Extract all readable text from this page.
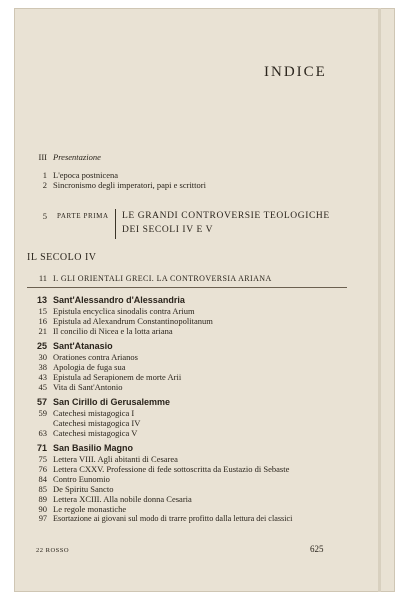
INDICE
III Presentazione
1 L'epoca postnicena
2 Sincronismo degli imperatori, papi e scrittori
5 PARTE PRIMA LE GRANDI CONTROVERSIE TEOLOGICHE
DEI SECOLI IV E V
IL SECOLO IV
11 I. GLI ORIENTALI GRECI. LA CONTROVERSIA ARIANA
13 Sant'Alessandro d'Alessandria
15 Epistula encyclica sinodalis contra Arium
16 Epistula ad Alexandrum Constantinopolitanum
21 Il concilio di Nicea e la lotta ariana
25 Sant'Atanasio
30 Orationes contra Arianos
38 Apologia de fuga sua
43 Epistula ad Serapionem de morte Arii
45 Vita di Sant'Antonio
57 San Cirillo di Gerusalemme
59 Catechesi mistagogica I
Catechesi mistagogica IV
63 Catechesi mistagogica V
71 San Basilio Magno
75 Lettera VIII. Agli abitanti di Cesarea
76 Lettera CXXV. Professione di fede sottoscritta da Eustazio di Sebaste
84 Contro Eunomio
85 De Spiritu Sancto
89 Lettera XCIII. Alla nobile donna Cesaria
90 Le regole monastiche
97 Esortazione ai giovani sul modo di trarre profitto dalla lettura dei classici
22 ROSSO	625
